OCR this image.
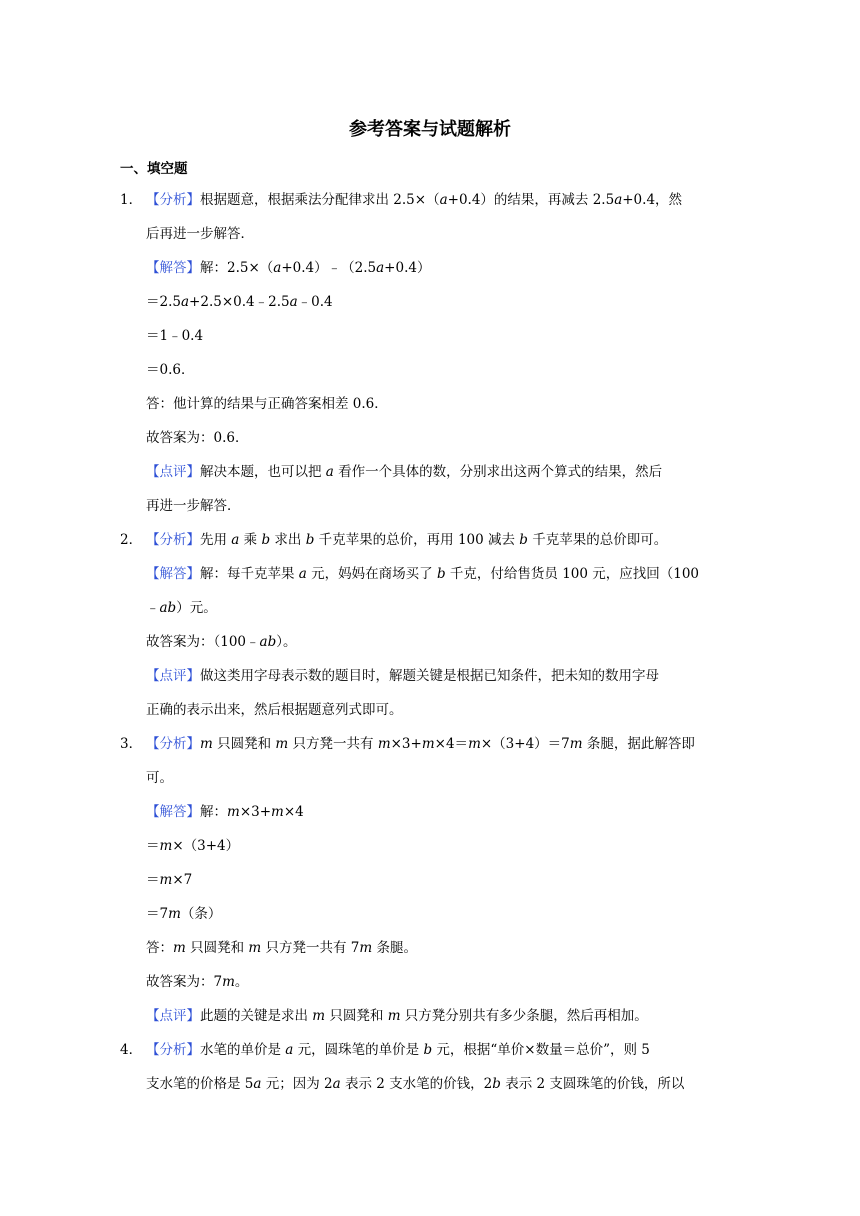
参考答案与试题解析
一、填空题
1． 【分析】根据题意，根据乘法分配律求出 2.5×（a+0.4）的结果，再减去 2.5a+0.4，然
后再进一步解答．
【解答】解：2.5×（a+0.4）﹣（2.5a+0.4）
＝2.5a+2.5×0.4﹣2.5a﹣0.4
＝1﹣0.4
＝0.6．
答：他计算的结果与正确答案相差 0.6．
故答案为：0.6．
【点评】解决本题，也可以把 a 看作一个具体的数，分别求出这两个算式的结果，然后
再进一步解答．
2． 【分析】先用 a 乘 b 求出 b 千克苹果的总价，再用 100 减去 b 千克苹果的总价即可。
【解答】解：每千克苹果 a 元，妈妈在商场买了 b 千克，付给售货员 100 元，应找回（100
﹣ab）元。
故答案为：（100﹣ab）。
【点评】做这类用字母表示数的题目时，解题关键是根据已知条件，把未知的数用字母
正确的表示出来，然后根据题意列式即可。
3． 【分析】m 只圆凳和 m 只方凳一共有 m×3+m×4＝m×（3+4）＝7m 条腿，据此解答即
可。
【解答】解：m×3+m×4
＝m×（3+4）
＝m×7
＝7m（条）
答：m 只圆凳和 m 只方凳一共有 7m 条腿。
故答案为：7m。
【点评】此题的关键是求出 m 只圆凳和 m 只方凳分别共有多少条腿，然后再相加。
4． 【分析】水笔的单价是 a 元，圆珠笔的单价是 b 元，根据“单价×数量＝总价”，则 5
支水笔的价格是 5a 元；因为 2a 表示 2 支水笔的价钱，2b 表示 2 支圆珠笔的价钱，所以
